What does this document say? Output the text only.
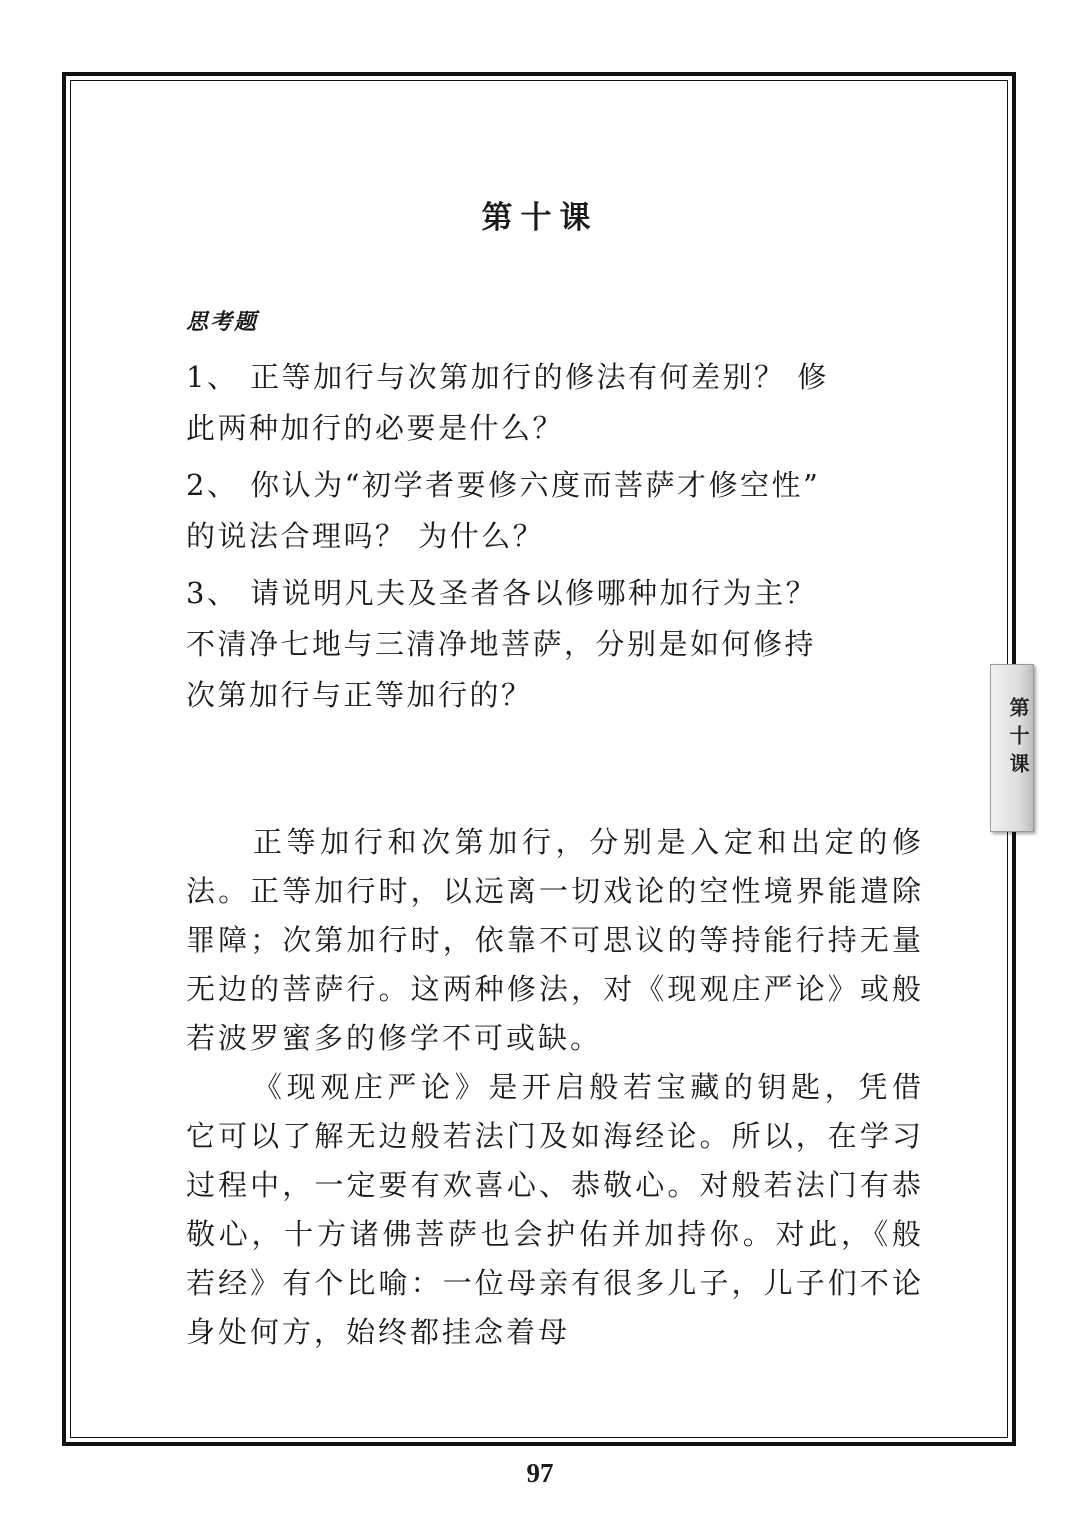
第十课
思考题
1、 正等加行与次第加行的修法有何差别？ 修
此两种加行的必要是什么？
2、 你认为“初学者要修六度而菩萨才修空性”
的说法合理吗？ 为什么？
3、 请说明凡夫及圣者各以修哪种加行为主？
不清净七地与三清净地菩萨，分别是如何修持
次第加行与正等加行的？

正等加行和次第加行，分别是入定和出定的修法。正等加行时，以远离一切戏论的空性境界能遣除罪障；次第加行时，依靠不可思议的等持能行持无量无边的菩萨行。这两种修法，对《现观庄严论》或般若波罗蜜多的修学不可或缺。

《现观庄严论》是开启般若宝藏的钥匙，凭借它可以了解无边般若法门及如海经论。所以，在学习过程中，一定要有欢喜心、恭敬心。对般若法门有恭敬心，十方诸佛菩萨也会护佑并加持你。对此，《般若经》有个比喻：一位母亲有很多儿子，儿子们不论身处何方，始终都挂念着母

第十课
97
